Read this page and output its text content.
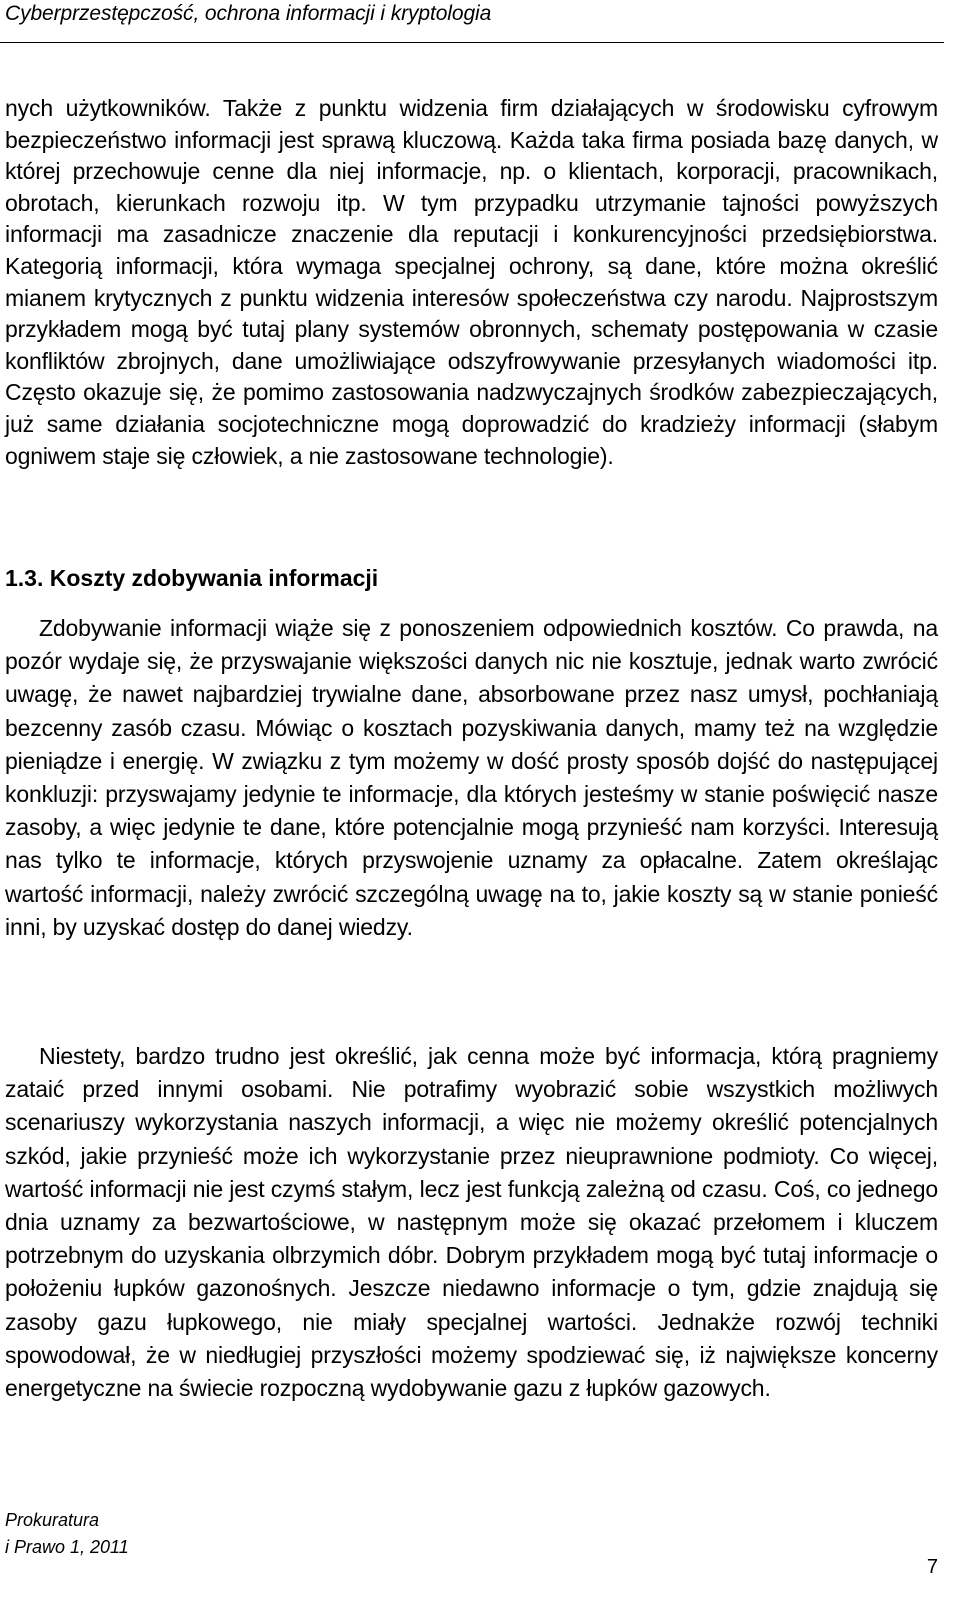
Cyberprzestępczość, ochrona informacji i kryptologia

nych użytkowników. Także z punktu widzenia firm działających w środowisku cyfrowym bezpieczeństwo informacji jest sprawą kluczową. Każda taka firma posiada bazę danych, w której przechowuje cenne dla niej informacje, np. o klientach, korporacji, pracownikach, obrotach, kierunkach rozwoju itp. W tym przypadku utrzymanie tajności powyższych informacji ma zasadnicze znaczenie dla reputacji i konkurencyjności przedsiębiorstwa. Kategorią informacji, która wymaga specjalnej ochrony, są dane, które można określić mianem krytycznych z punktu widzenia interesów społeczeństwa czy narodu. Najprostszym przykładem mogą być tutaj plany systemów obronnych, schematy postępowania w czasie konfliktów zbrojnych, dane umożliwiające odszyfrowywanie przesyłanych wiadomości itp. Często okazuje się, że pomimo zastosowania nadzwyczajnych środków zabezpieczających, już same działania socjotechniczne mogą doprowadzić do kradzieży informacji (słabym ogniwem staje się człowiek, a nie zastosowane technologie).

1.3. Koszty zdobywania informacji

Zdobywanie informacji wiąże się z ponoszeniem odpowiednich kosztów. Co prawda, na pozór wydaje się, że przyswajanie większości danych nic nie kosztuje, jednak warto zwrócić uwagę, że nawet najbardziej trywialne dane, absorbowane przez nasz umysł, pochłaniają bezcenny zasób czasu. Mówiąc o kosztach pozyskiwania danych, mamy też na względzie pieniądze i energię. W związku z tym możemy w dość prosty sposób dojść do następującej konkluzji: przyswajamy jedynie te informacje, dla których jesteśmy w stanie poświęcić nasze zasoby, a więc jedynie te dane, które potencjalnie mogą przynieść nam korzyści. Interesują nas tylko te informacje, których przyswojenie uznamy za opłacalne. Zatem określając wartość informacji, należy zwrócić szczególną uwagę na to, jakie koszty są w stanie ponieść inni, by uzyskać dostęp do danej wiedzy.

Niestety, bardzo trudno jest określić, jak cenna może być informacja, którą pragniemy zataić przed innymi osobami. Nie potrafimy wyobrazić sobie wszystkich możliwych scenariuszy wykorzystania naszych informacji, a więc nie możemy określić potencjalnych szkód, jakie przynieść może ich wykorzystanie przez nieuprawnione podmioty. Co więcej, wartość informacji nie jest czymś stałym, lecz jest funkcją zależną od czasu. Coś, co jednego dnia uznamy za bezwartościowe, w następnym może się okazać przełomem i kluczem potrzebnym do uzyskania olbrzymich dóbr. Dobrym przykładem mogą być tutaj informacje o położeniu łupków gazonośnych. Jeszcze niedawno informacje o tym, gdzie znajdują się zasoby gazu łupkowego, nie miały specjalnej wartości. Jednakże rozwój techniki spowodował, że w niedługiej przyszłości możemy spodziewać się, iż największe koncerny energetyczne na świecie rozpoczną wydobywanie gazu z łupków gazowych.

Prokuratura
i Prawo 1, 2011
7
